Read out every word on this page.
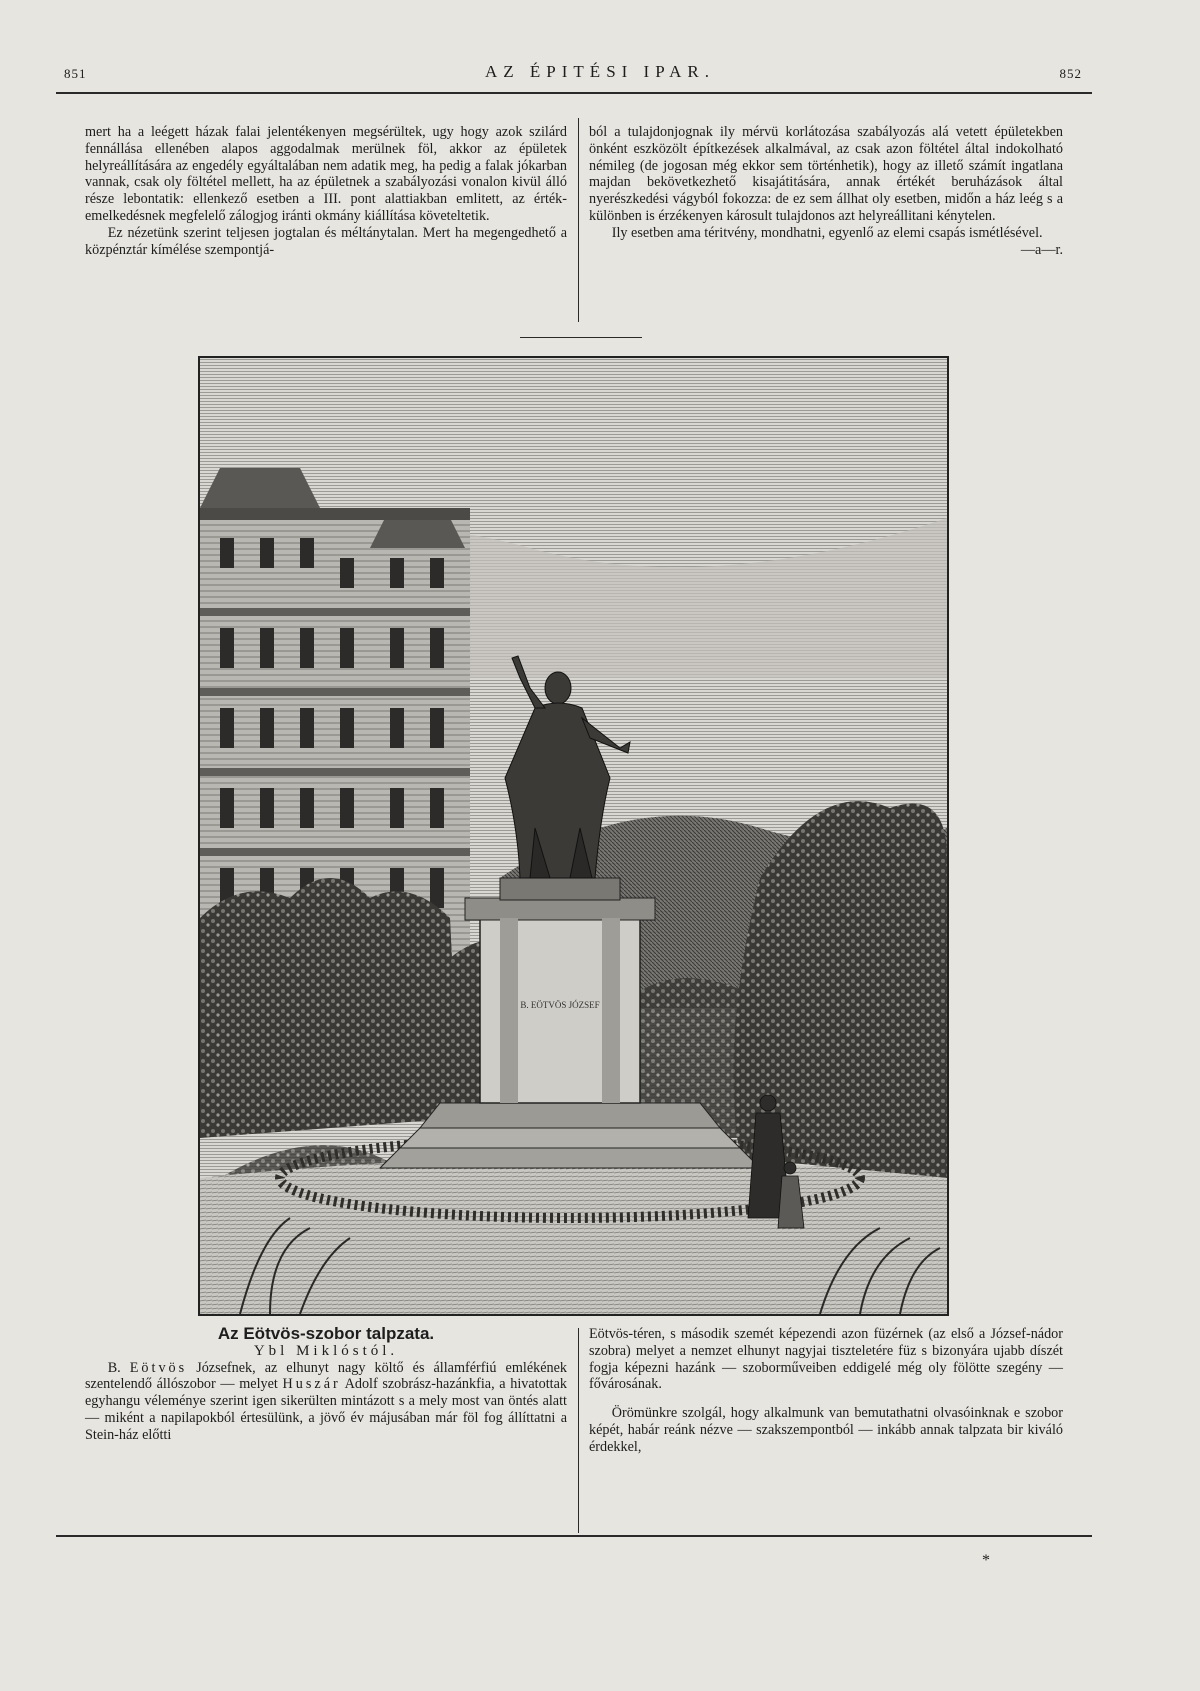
851	AZ ÉPITÉSI IPAR.	852

mert ha a leégett házak falai jelentékenyen megsérültek, ugy hogy azok szilárd fennállása ellenében alapos aggodalmak merülnek föl, akkor az épületek helyreállítására az engedély egyáltalában nem adatik meg, ha pedig a falak jókarban vannak, csak oly föltétel mellett, ha az épületnek a szabályozási vonalon kivül álló része lebontatik: ellenkező esetben a III. pont alattiakban emlitett, az érték-emelkedésnek megfelelő zálogjog iránti okmány kiállítása követeltetik.

Ez nézetünk szerint teljesen jogtalan és méltánytalan. Mert ha megengedhető a közpénztár kímélése szempontjá-

ból a tulajdonjognak ily mérvü korlátozása szabályozás alá vetett épületekben önként eszközölt építkezések alkalmával, az csak azon föltétel által indokolható némileg (de jogosan még ekkor sem történhetik), hogy az illető számít ingatlana majdan bekövetkezhető kisajátitására, annak értékét beruházások által nyerészkedési vágyból fokozza: de ez sem állhat oly esetben, midőn a ház leég s a különben is érzékenyen károsult tulajdonos azt helyreállitani kénytelen.

Ily esetben ama téritvény, mondhatni, egyenlő az elemi csapás ismétlésével.
—a—r.

B. EÖTVÖS JÓZSEF

Az Eötvös-szobor talpzata.

Ybl Miklóstól.

B. Eötvös Józsefnek, az elhunyt nagy költő és államférfiú emlékének szentelendő állószobor — melyet Huszár Adolf szobrász-hazánkfia, a hivatottak egyhangu véleménye szerint igen sikerülten mintázott s a mely most van öntés alatt — miként a napilapokból értesülünk, a jövő év májusában már föl fog állíttatni a Stein-ház előtti

Eötvös-téren, s második szemét képezendi azon füzérnek (az első a József-nádor szobra) melyet a nemzet elhunyt nagyjai tiszteletére füz s bizonyára ujabb díszét fogja képezni hazánk — szoborműveiben eddigelé még oly fölötte szegény — fővárosának.

Örömünkre szolgál, hogy alkalmunk van bemutathatni olvasóinknak e szobor képét, habár reánk nézve — szakszempontból — inkább annak talpzata bir kiváló érdekkel,

*
